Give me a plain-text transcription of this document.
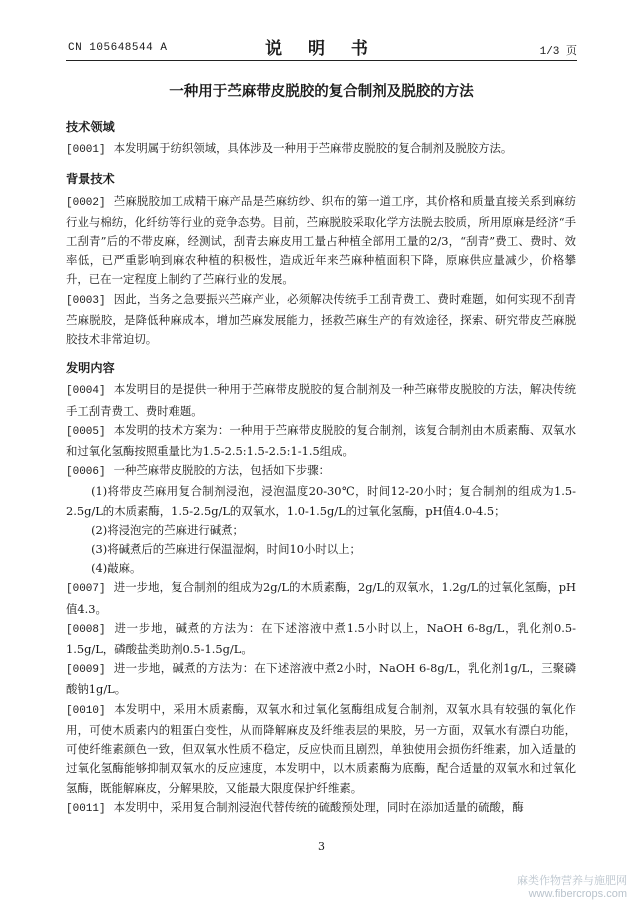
CN 105648544 A	说 明 书	1/3 页
一种用于苎麻带皮脱胶的复合制剂及脱胶的方法
技术领域

[0001] 本发明属于纺织领域，具体涉及一种用于苎麻带皮脱胶的复合制剂及脱胶方法。

背景技术

[0002] 苎麻脱胶加工成精干麻产品是苎麻纺纱、织布的第一道工序，其价格和质量直接关系到麻纺行业与棉纺，化纤纺等行业的竞争态势。目前，苎麻脱胶采取化学方法脱去胶质，所用原麻是经济“手工刮青”后的不带皮麻，经测试，刮青去麻皮用工量占种植全部用工量的2/3，“刮青”费工、费时、效率低，已严重影响到麻农种植的积极性，造成近年来苎麻种植面积下降，原麻供应量减少，价格攀升，已在一定程度上制约了苎麻行业的发展。

[0003] 因此，当务之急要振兴苎麻产业，必须解决传统手工刮青费工、费时难题，如何实现不刮青苎麻脱胶，是降低种麻成本，增加苎麻发展能力，拯救苎麻生产的有效途径，探索、研究带皮苎麻脱胶技术非常迫切。

发明内容

[0004] 本发明目的是提供一种用于苎麻带皮脱胶的复合制剂及一种苎麻带皮脱胶的方法，解决传统手工刮青费工、费时难题。

[0005] 本发明的技术方案为：一种用于苎麻带皮脱胶的复合制剂，该复合制剂由木质素酶、双氧水和过氧化氢酶按照重量比为1.5-2.5:1.5-2.5:1-1.5组成。

[0006] 一种苎麻带皮脱胶的方法，包括如下步骤：

(1)将带皮苎麻用复合制剂浸泡，浸泡温度20-30℃，时间12-20小时；复合制剂的组成为1.5-2.5g/L的木质素酶，1.5-2.5g/L的双氧水，1.0-1.5g/L的过氧化氢酶，pH值4.0-4.5；

(2)将浸泡完的苎麻进行碱煮；

(3)将碱煮后的苎麻进行保温湿焖，时间10小时以上；

(4)敲麻。

[0007] 进一步地，复合制剂的组成为2g/L的木质素酶，2g/L的双氧水，1.2g/L的过氧化氢酶，pH值4.3。

[0008] 进一步地，碱煮的方法为：在下述溶液中煮1.5小时以上，NaOH 6-8g/L，乳化剂0.5-1.5g/L，磷酸盐类助剂0.5-1.5g/L。

[0009] 进一步地，碱煮的方法为：在下述溶液中煮2小时，NaOH 6-8g/L，乳化剂1g/L，三聚磷酸钠1g/L。

[0010] 本发明中，采用木质素酶，双氧水和过氧化氢酶组成复合制剂，双氧水具有较强的氧化作用，可使木质素内的粗蛋白变性，从而降解麻皮及纤维表层的果胶，另一方面，双氧水有漂白功能，可使纤维素颜色一致，但双氧水性质不稳定，反应快而且剧烈，单独使用会损伤纤维素，加入适量的过氧化氢酶能够抑制双氧水的反应速度，本发明中，以木质素酶为底酶，配合适量的双氧水和过氧化氢酶，既能解麻皮，分解果胶，又能最大限度保护纤维素。

[0011] 本发明中，采用复合制剂浸泡代替传统的硫酸预处理，同时在添加适量的硫酸，酶

3
麻类作物营养与施肥网
www.fibercrops.com
